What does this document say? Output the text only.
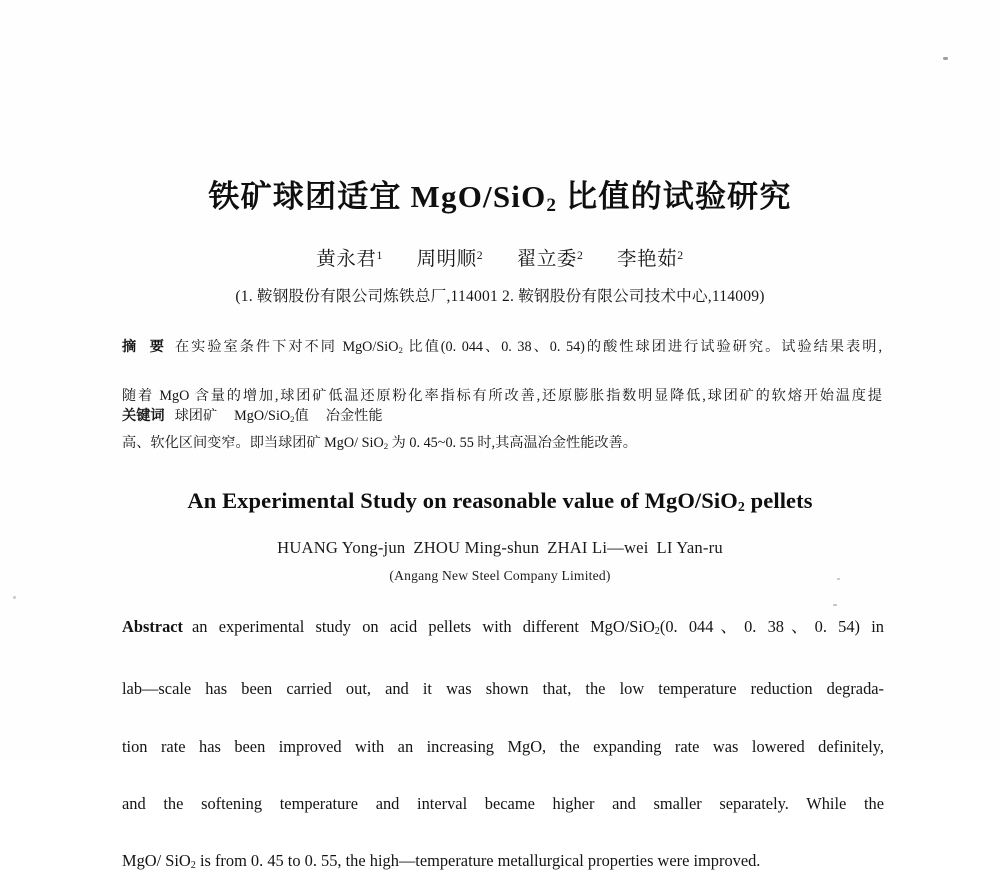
铁矿球团适宜 MgO/SiO$_2$ 比值的试验研究
黄永君$^1$ 周明顺$^2$ 翟立委$^2$ 李艳茹$^2$
(1. 鞍钢股份有限公司炼铁总厂,114001 2. 鞍钢股份有限公司技术中心,114009)

摘 要 在实验室条件下对不同 MgO/SiO$_2$ 比值(0. 044、0. 38、0. 54)的酸性球团进行试验研究。试验结果表明,
随着 MgO 含量的增加,球团矿低温还原粉化率指标有所改善,还原膨胀指数明显降低,球团矿的软熔开始温度提
高、软化区间变窄。即当球团矿 MgO/ SiO$_2$ 为 0. 45~0. 55 时,其高温冶金性能改善。

关键词 球团矿 MgO/SiO$_2$值 冶金性能
An Experimental Study on reasonable value of MgO/SiO$_2$ pellets
HUANG Yong-jun ZHOU Ming-shun ZHAI Li—wei LI Yan-ru
(Angang New Steel Company Limited)

Abstract an experimental study on acid pellets with different MgO/SiO$_2$(0. 044、0. 38、0. 54) in
lab—scale has been carried out, and it was shown that, the low temperature reduction degrada-
tion rate has been improved with an increasing MgO, the expanding rate was lowered definitely,
and the softening temperature and interval became higher and smaller separately. While the
MgO/ SiO$_2$ is from 0. 45 to 0. 55, the high—temperature metallurgical properties were improved.
